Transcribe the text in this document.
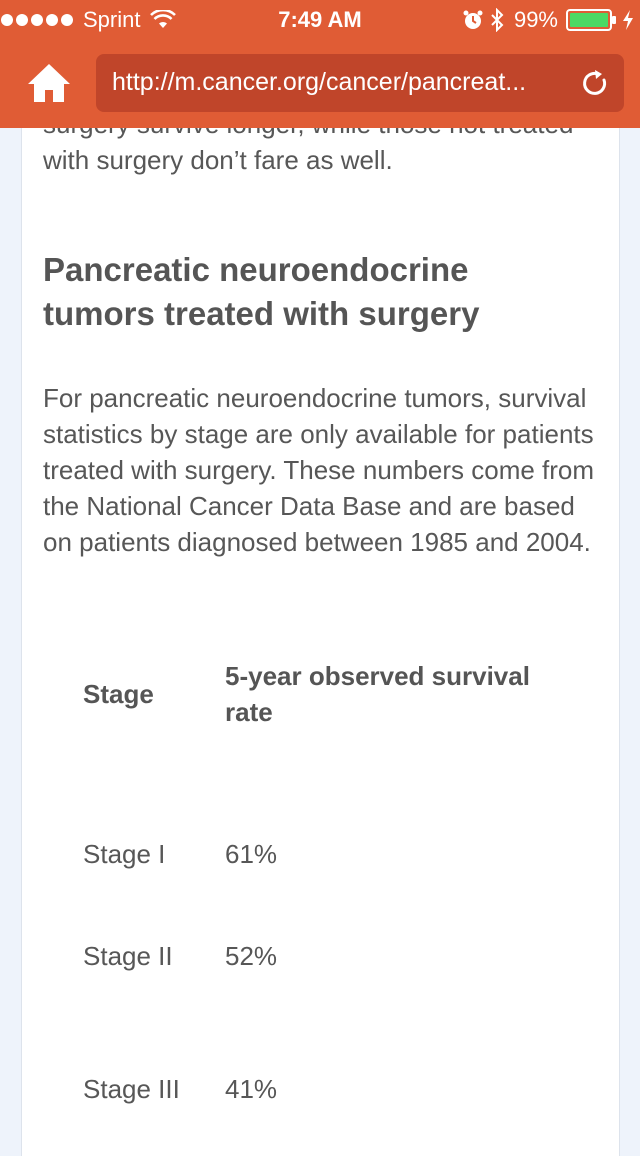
Sprint	7:49 AM	99%
http://m.cancer.org/cancer/pancreat...

with surgery don’t fare as well.

Pancreatic neuroendocrine tumors treated with surgery

For pancreatic neuroendocrine tumors, survival statistics by stage are only available for patients treated with surgery. These numbers come from the National Cancer Data Base and are based on patients diagnosed between 1985 and 2004.

Stage	5-year observed survival rate
Stage I	61%
Stage II	52%
Stage III	41%
